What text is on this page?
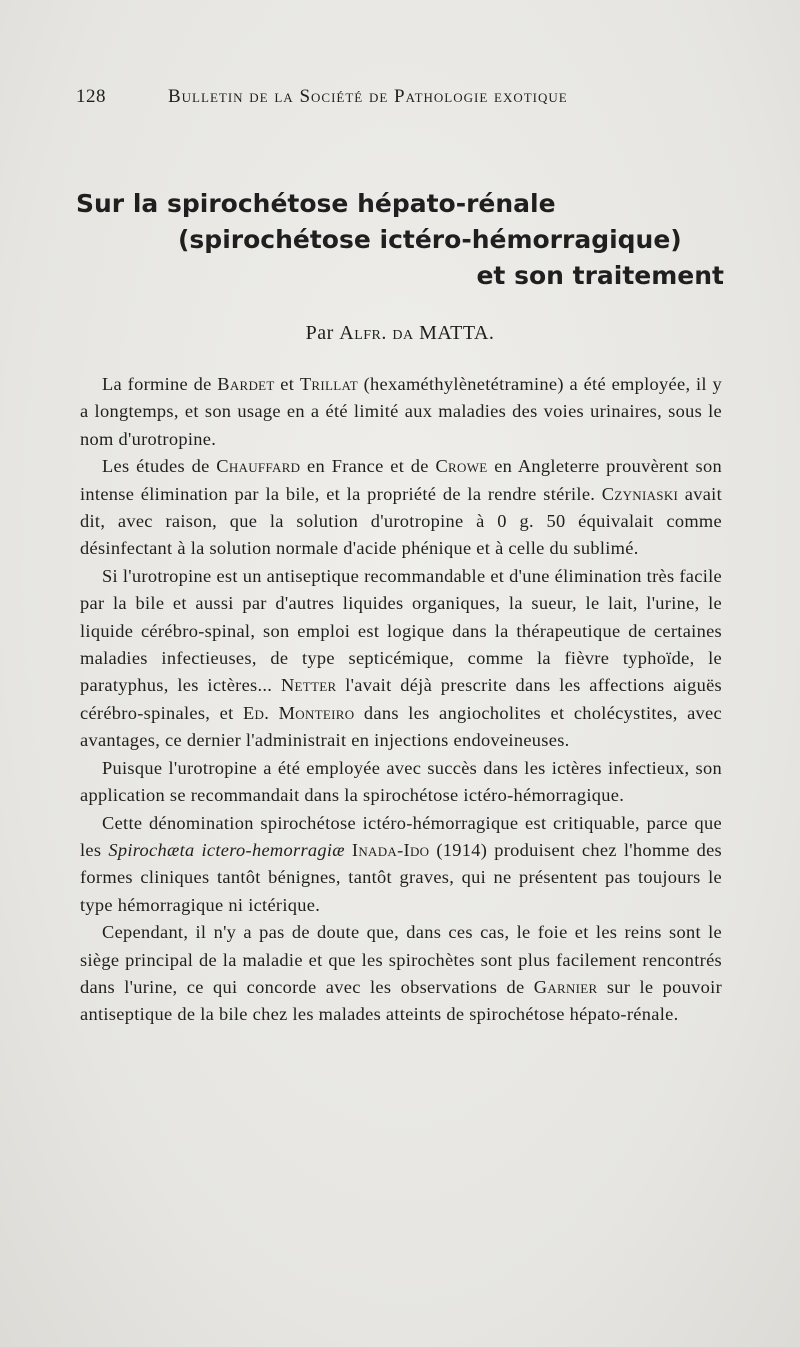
128	Bulletin de la Société de Pathologie exotique
Sur la spirochétose hépato-rénale
(spirochétose ictéro-hémorragique)
et son traitement
Par Alfr. da MATTA.

La formine de Bardet et Trillat (hexaméthylènetétramine) a été employée, il y a longtemps, et son usage en a été limité aux maladies des voies urinaires, sous le nom d'urotropine.

Les études de Chauffard en France et de Crowe en Angleterre prouvèrent son intense élimination par la bile, et la propriété de la rendre stérile. Czyniaski avait dit, avec raison, que la solution d'urotropine à 0 g. 50 équivalait comme désinfectant à la solution normale d'acide phénique et à celle du sublimé.

Si l'urotropine est un antiseptique recommandable et d'une élimination très facile par la bile et aussi par d'autres liquides organiques, la sueur, le lait, l'urine, le liquide cérébro-spinal, son emploi est logique dans la thérapeutique de certaines maladies infectieuses, de type septicémique, comme la fièvre typhoïde, le paratyphus, les ictères... Netter l'avait déjà prescrite dans les affections aiguës cérébro-spinales, et Ed. Monteiro dans les angiocholites et cholécystites, avec avantages, ce dernier l'administrait en injections endoveineuses.

Puisque l'urotropine a été employée avec succès dans les ictères infectieux, son application se recommandait dans la spirochétose ictéro-hémorragique.

Cette dénomination spirochétose ictéro-hémorragique est critiquable, parce que les Spirochæta ictero-hemorragiæ Inada-Ido (1914) produisent chez l'homme des formes cliniques tantôt bénignes, tantôt graves, qui ne présentent pas toujours le type hémorragique ni ictérique.

Cependant, il n'y a pas de doute que, dans ces cas, le foie et les reins sont le siège principal de la maladie et que les spirochètes sont plus facilement rencontrés dans l'urine, ce qui concorde avec les observations de Garnier sur le pouvoir antiseptique de la bile chez les malades atteints de spirochétose hépato-rénale.
